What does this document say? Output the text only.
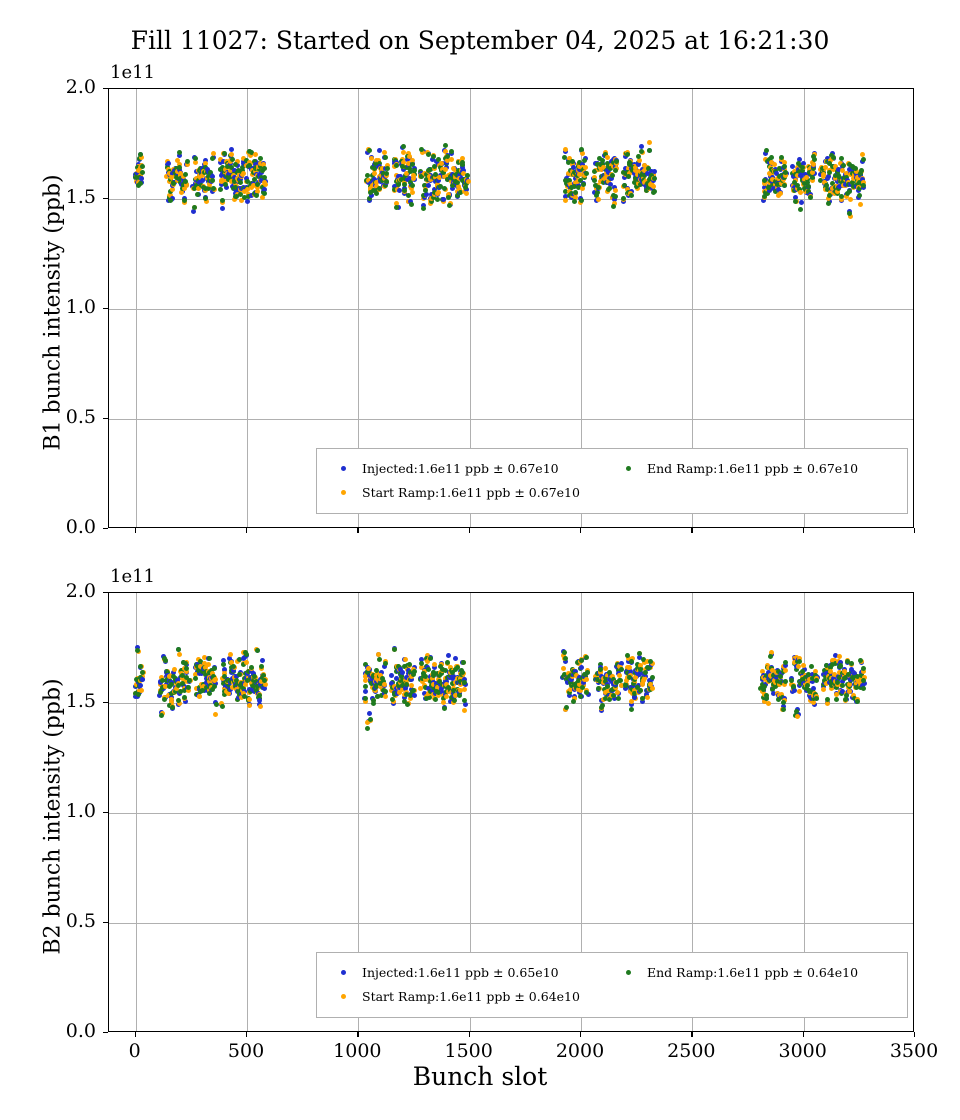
Fill 11027: Started on September 04, 2025 at 16:21:30
1e11
B1 bunch intensity (ppb)
1e11
B2 bunch intensity (ppb)
Bunch slot
Injected:1.6e11 ppb ± 0.67e10	End Ramp:1.6e11 ppb ± 0.67e10
Start Ramp:1.6e11 ppb ± 0.67e10
Injected:1.6e11 ppb ± 0.65e10	End Ramp:1.6e11 ppb ± 0.64e10
Start Ramp:1.6e11 ppb ± 0.64e10
0.0
0.5
1.0
1.5
2.0
0.0
0.5
1.0
1.5
2.0
0	500	1000	1500	2000	2500	3000	3500
